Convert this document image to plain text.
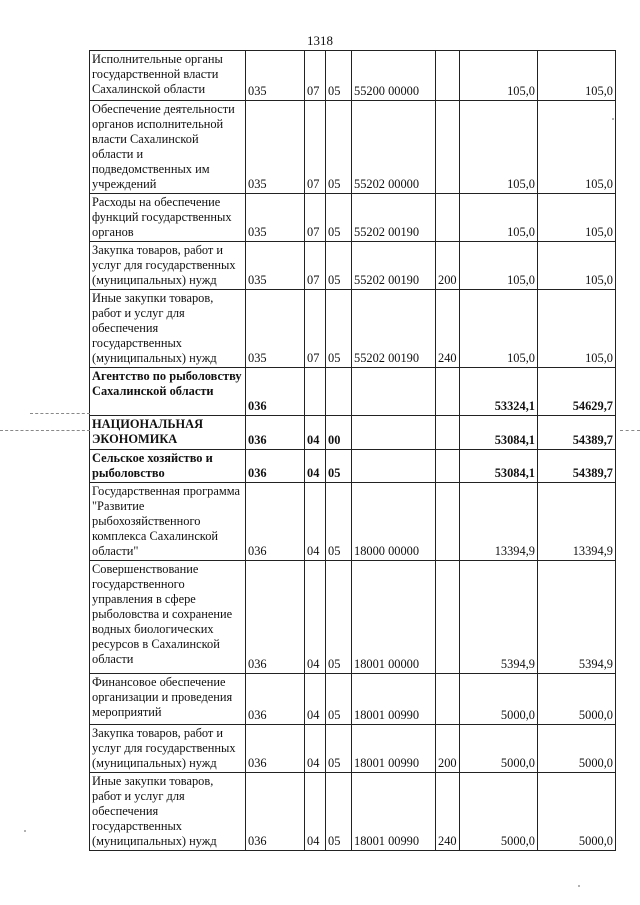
1318
Исполнительные органы государственной власти Сахалинской области	035	07	05	55200 00000		105,0	105,0
Обеспечение деятельности органов исполнительной власти Сахалинской области и подведомственных им учреждений	035	07	05	55202 00000		105,0	105,0
Расходы на обеспечение функций государственных органов	035	07	05	55202 00190		105,0	105,0
Закупка товаров, работ и услуг для государственных (муниципальных) нужд	035	07	05	55202 00190	200	105,0	105,0
Иные закупки товаров, работ и услуг для обеспечения государственных (муниципальных) нужд	035	07	05	55202 00190	240	105,0	105,0
Агентство по рыболовству Сахалинской области	036					53324,1	54629,7
НАЦИОНАЛЬНАЯ ЭКОНОМИКА	036	04	00			53084,1	54389,7
Сельское хозяйство и рыболовство	036	04	05			53084,1	54389,7
Государственная программа "Развитие рыбохозяйственного комплекса Сахалинской области"	036	04	05	18000 00000		13394,9	13394,9
Совершенствование государственного управления в сфере рыболовства и сохранение водных биологических ресурсов в Сахалинской области	036	04	05	18001 00000		5394,9	5394,9
Финансовое обеспечение организации и проведения мероприятий	036	04	05	18001 00990		5000,0	5000,0
Закупка товаров, работ и услуг для государственных (муниципальных) нужд	036	04	05	18001 00990	200	5000,0	5000,0
Иные закупки товаров, работ и услуг для обеспечения государственных (муниципальных) нужд	036	04	05	18001 00990	240	5000,0	5000,0
